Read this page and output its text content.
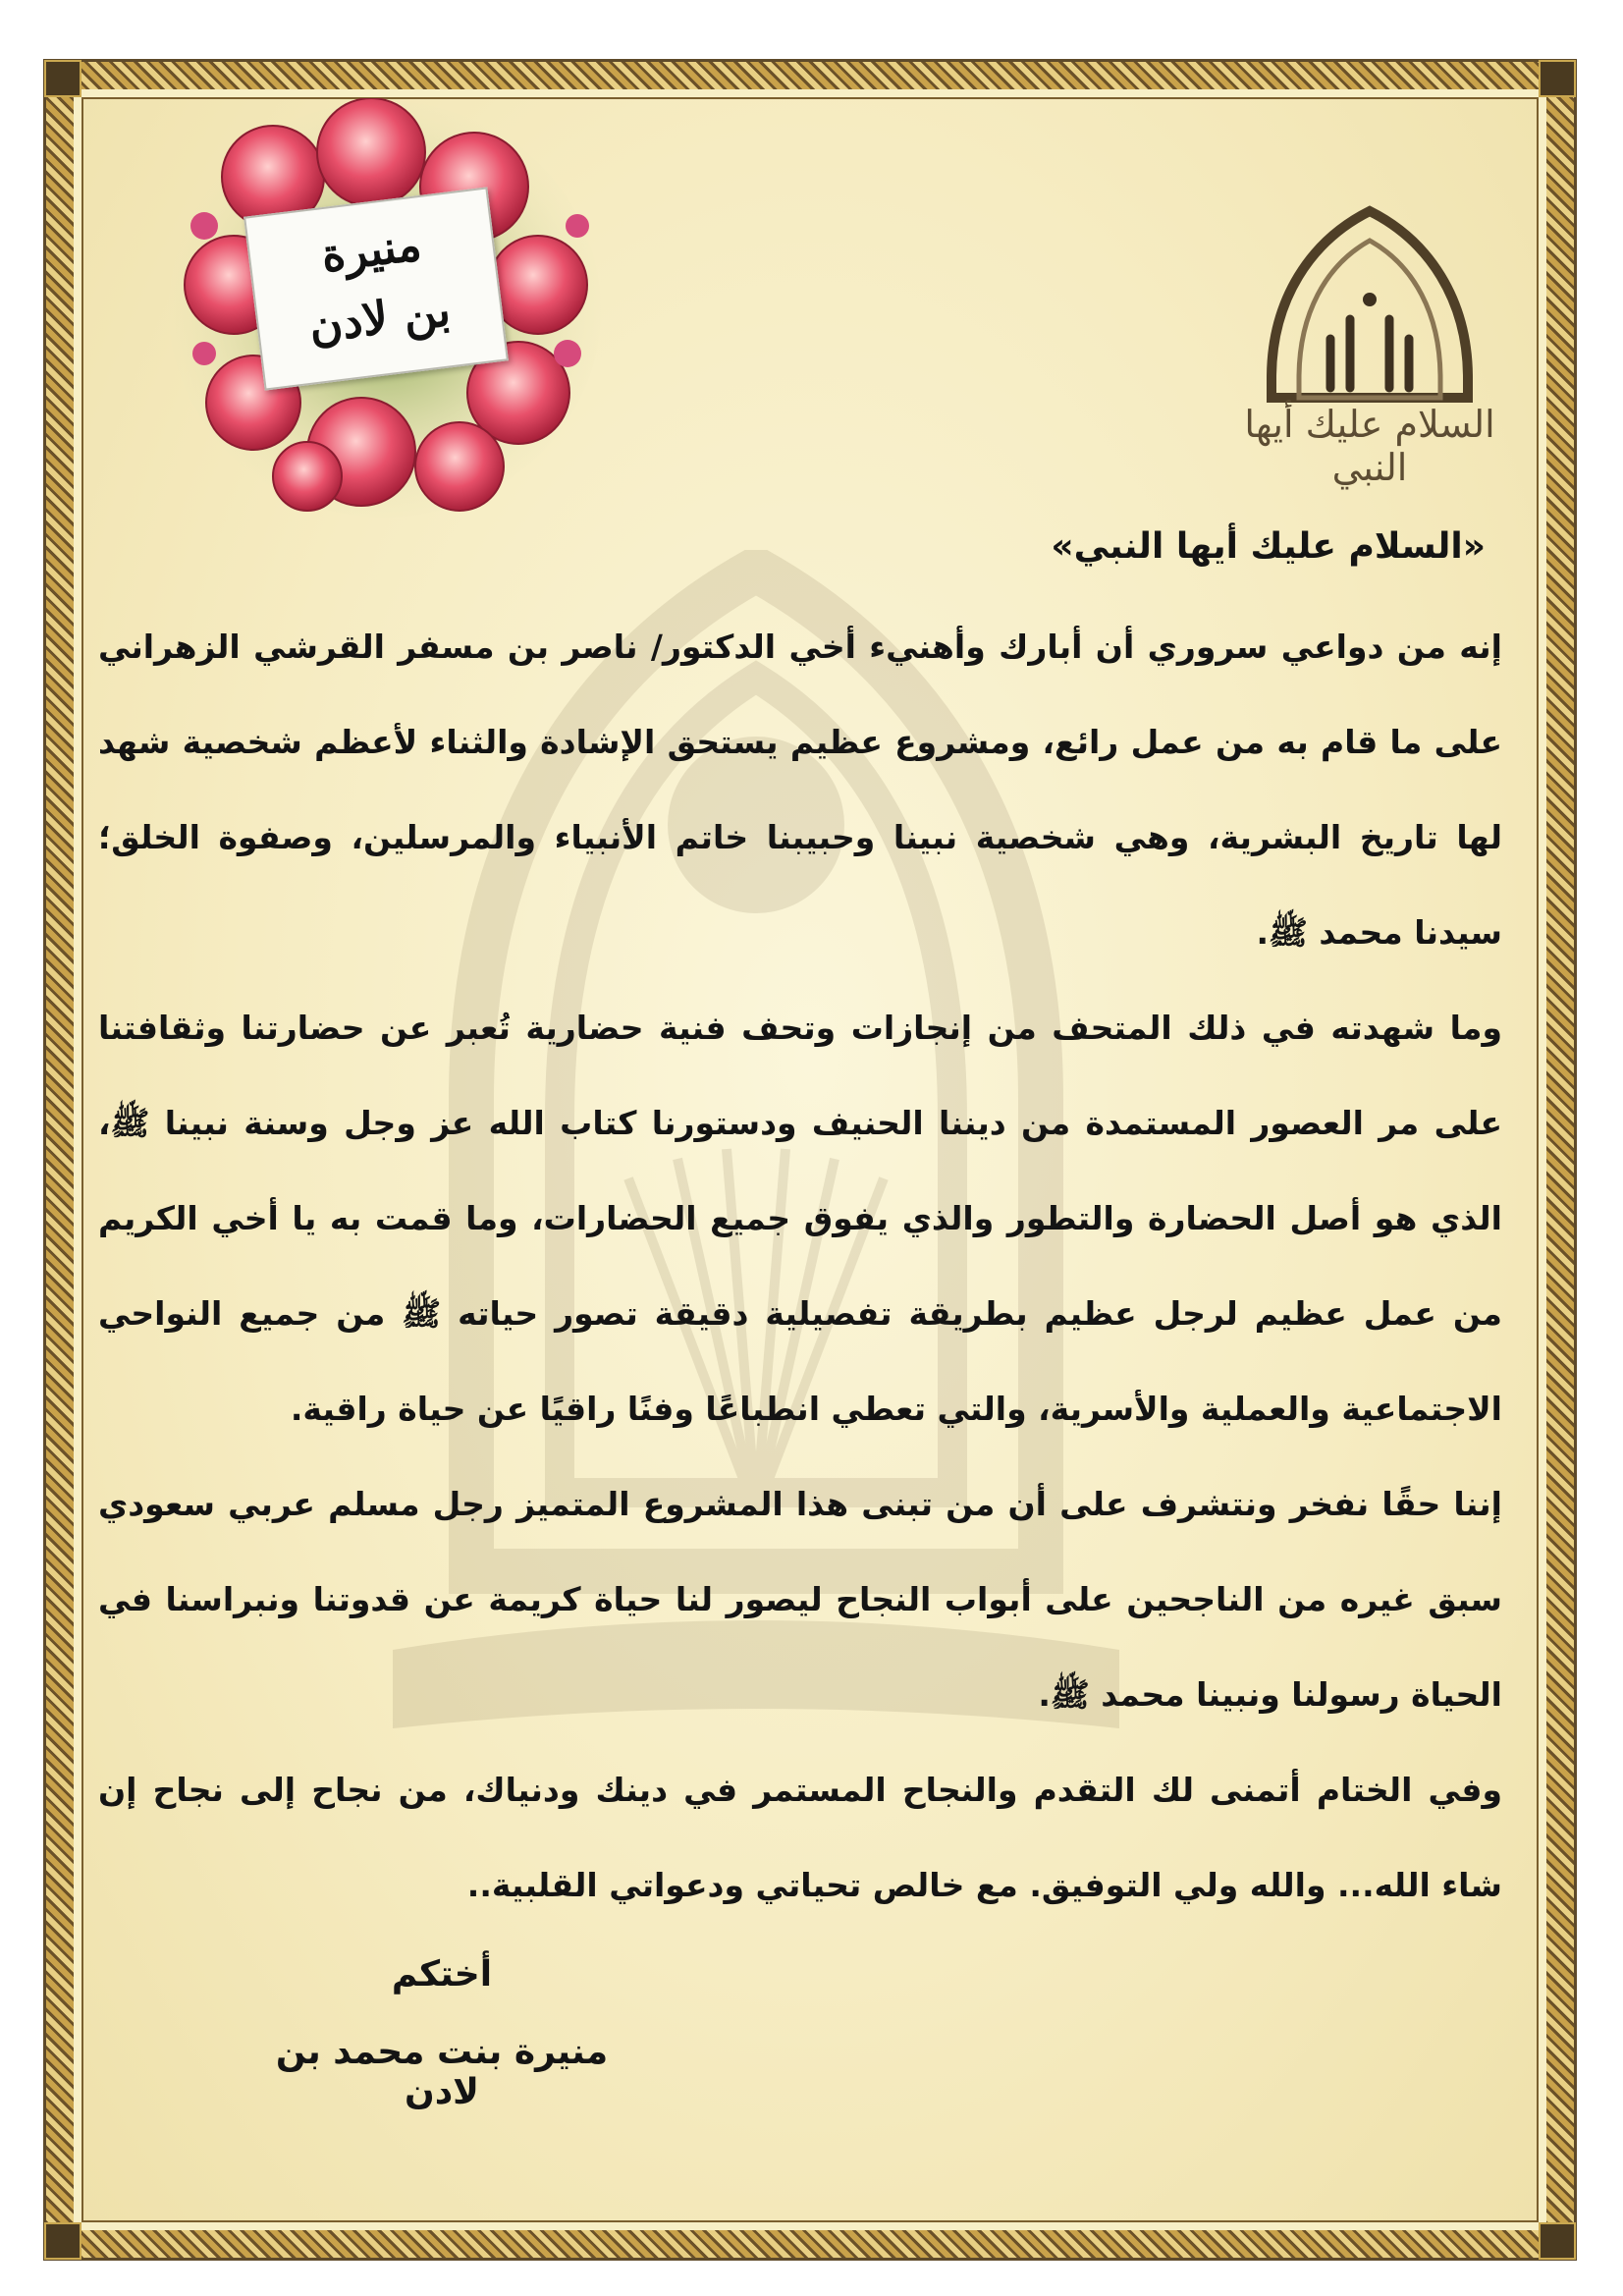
السلام عليك أيها النبي
منيرة
بن لادن
«السلام عليك أيها النبي»

إنه من دواعي سروري أن أبارك وأهنيء أخي الدكتور/ ناصر بن مسفر القرشي الزهراني على ما قام به من عمل رائع، ومشروع عظيم يستحق الإشادة والثناء لأعظم شخصية شهد لها تاريخ البشرية، وهي شخصية نبينا وحبيبنا خاتم الأنبياء والمرسلين، وصفوة الخلق؛ سيدنا محمد ﷺ.

وما شهدته في ذلك المتحف من إنجازات وتحف فنية حضارية تُعبر عن حضارتنا وثقافتنا على مر العصور المستمدة من ديننا الحنيف ودستورنا كتاب الله عز وجل وسنة نبينا ﷺ، الذي هو أصل الحضارة والتطور والذي يفوق جميع الحضارات، وما قمت به يا أخي الكريم من عمل عظيم لرجل عظيم بطريقة تفصيلية دقيقة تصور حياته ﷺ من جميع النواحي الاجتماعية والعملية والأسرية، والتي تعطي انطباعًا وفنًا راقيًا عن حياة راقية.

إننا حقًا نفخر ونتشرف على أن من تبنى هذا المشروع المتميز رجل مسلم عربي سعودي سبق غيره من الناجحين على أبواب النجاح ليصور لنا حياة كريمة عن قدوتنا ونبراسنا في الحياة رسولنا ونبينا محمد ﷺ.

وفي الختام أتمنى لك التقدم والنجاح المستمر في دينك ودنياك، من نجاح إلى نجاح إن شاء الله... والله ولي التوفيق. مع خالص تحياتي ودعواتي القلبية..

أختكم
منيرة بنت محمد بن لادن
